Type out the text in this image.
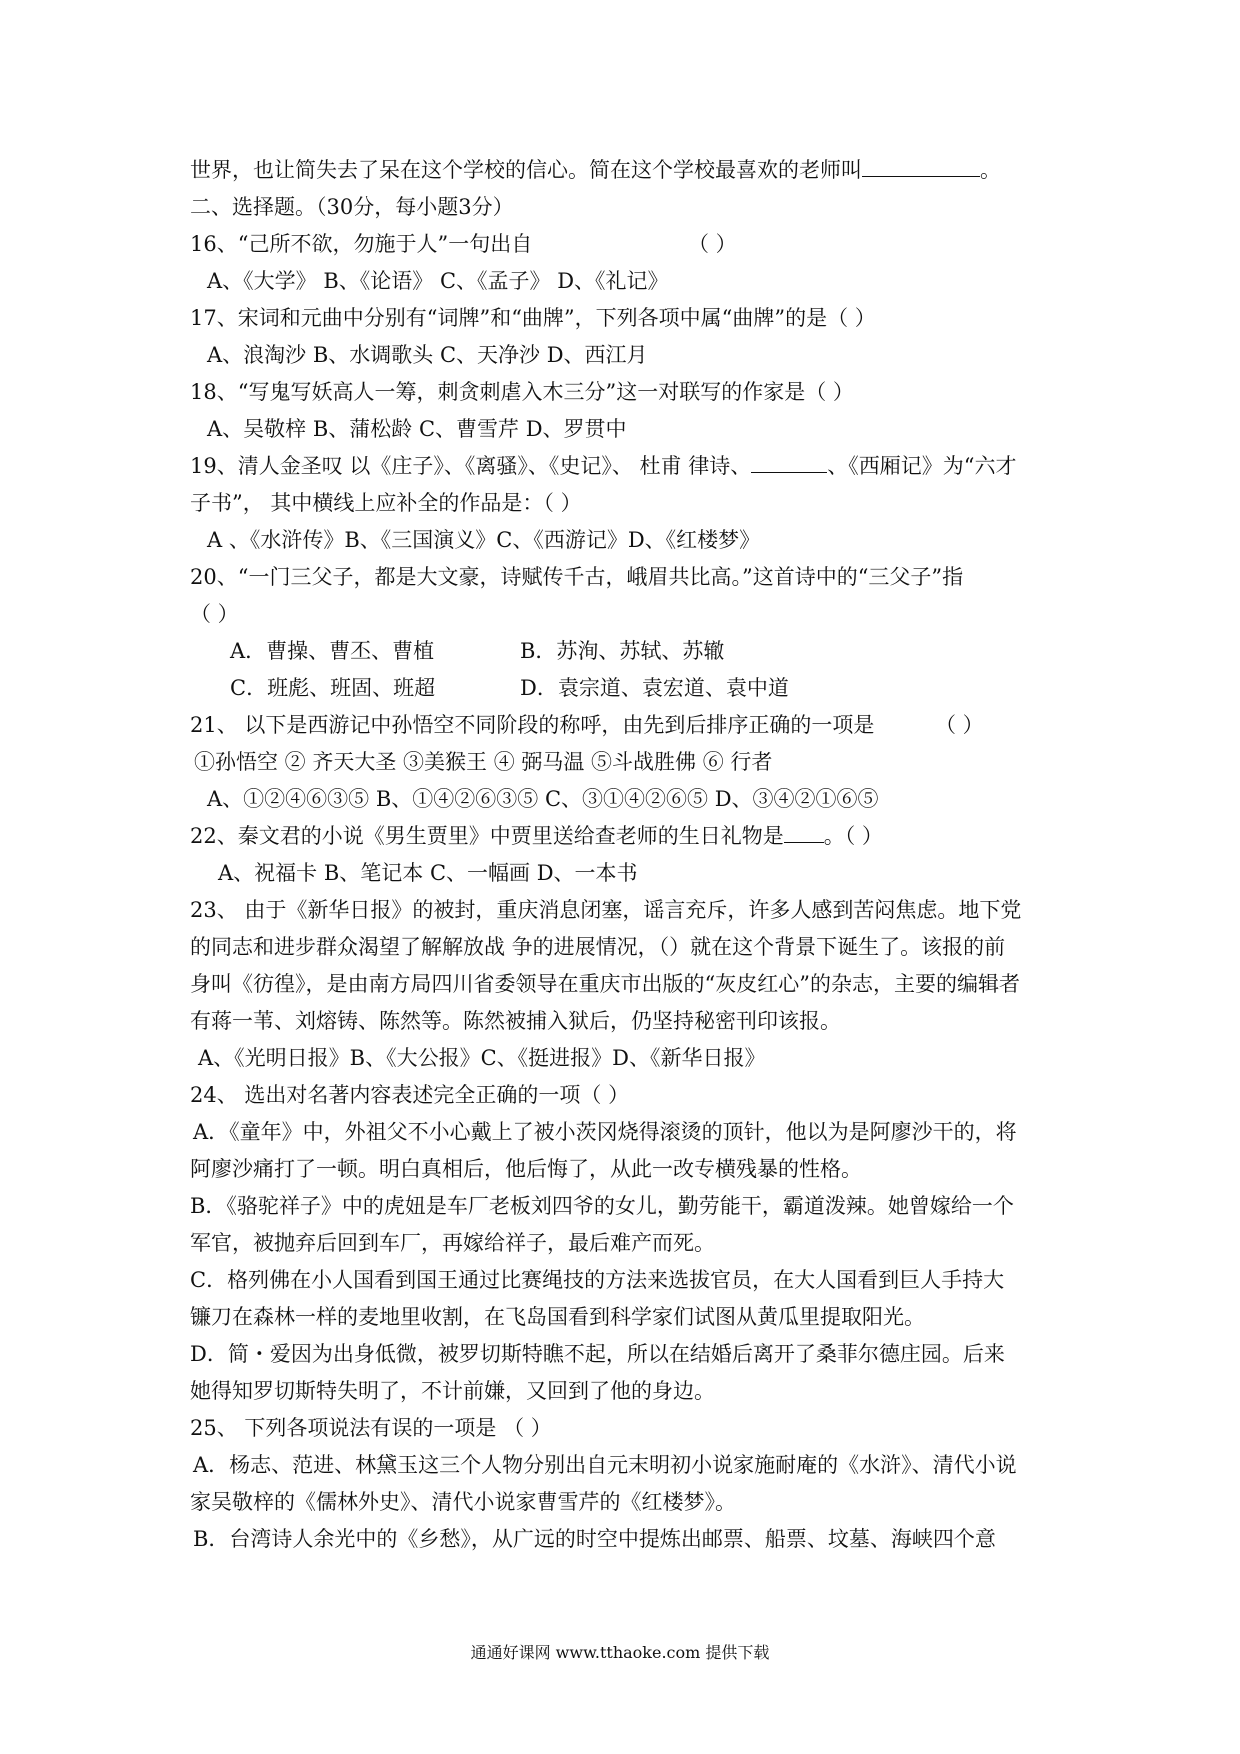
世界，也让简失去了呆在这个学校的信心。简在这个学校最喜欢的老师叫	。
二、选择题。（30分，每小题3分）
16、“己所不欲，勿施于人”一句出自	（ ）
A、《大学》 B、《论语》 C、《孟子》 D、《礼记》
17、宋词和元曲中分别有“词牌”和“曲牌”，下列各项中属“曲牌”的是（ ）
A、浪淘沙 B、水调歌头 C、天净沙 D、西江月
18、“写鬼写妖高人一筹，刺贪刺虐入木三分”这一对联写的作家是（ ）
A、吴敬梓 B、蒲松龄 C、曹雪芹 D、罗贯中
19、清人金圣叹 以《庄子》、《离骚》、《史记》、 杜甫 律诗、	、《西厢记》为“六才
子书”， 其中横线上应补全的作品是：（ ）
A 、《水浒传》B、《三国演义》C、《西游记》D、《红楼梦》
20、“一门三父子，都是大文豪，诗赋传千古，峨眉共比高。”这首诗中的“三父子”指
（ ）
A．曹操、曹丕、曹植	B．苏洵、苏轼、苏辙
C．班彪、班固、班超	D．袁宗道、袁宏道、袁中道
21、 以下是西游记中孙悟空不同阶段的称呼，由先到后排序正确的一项是	（ ）
①孙悟空 ② 齐天大圣 ③美猴王 ④ 弼马温 ⑤斗战胜佛 ⑥ 行者
A、①②④⑥③⑤ B、①④②⑥③⑤ C、③①④②⑥⑤ D、③④②①⑥⑤
22、秦文君的小说《男生贾里》中贾里送给查老师的生日礼物是 。（ ）
A、祝福卡 B、笔记本 C、一幅画 D、一本书
23、 由于《新华日报》的被封，重庆消息闭塞，谣言充斥，许多人感到苦闷焦虑。地下党
的同志和进步群众渴望了解解放战 争的进展情况，（）就在这个背景下诞生了。该报的前
身叫《彷徨》，是由南方局四川省委领导在重庆市出版的“灰皮红心”的杂志，主要的编辑者
有蒋一苇、刘熔铸、陈然等。陈然被捕入狱后，仍坚持秘密刊印该报。
A、《光明日报》B、《大公报》C、《挺进报》D、《新华日报》
24、 选出对名著内容表述完全正确的一项（ ）
A．《童年》中，外祖父不小心戴上了被小茨冈烧得滚烫的顶针，他以为是阿廖沙干的，将
阿廖沙痛打了一顿。明白真相后，他后悔了，从此一改专横残暴的性格。
B．《骆驼祥子》中的虎妞是车厂老板刘四爷的女儿，勤劳能干，霸道泼辣。她曾嫁给一个
军官，被抛弃后回到车厂，再嫁给祥子，最后难产而死。
C．格列佛在小人国看到国王通过比赛绳技的方法来选拔官员，在大人国看到巨人手持大
镰刀在森林一样的麦地里收割，在飞岛国看到科学家们试图从黄瓜里提取阳光。
D．简・爱因为出身低微，被罗切斯特瞧不起，所以在结婚后离开了桑菲尔德庄园。后来
她得知罗切斯特失明了，不计前嫌，又回到了他的身边。
25、 下列各项说法有误的一项是 （ ）
A．杨志、范进、林黛玉这三个人物分别出自元末明初小说家施耐庵的《水浒》、清代小说
家吴敬梓的《儒林外史》、清代小说家曹雪芹的《红楼梦》。
B．台湾诗人余光中的《乡愁》，从广远的时空中提炼出邮票、船票、坟墓、海峡四个意
通通好课网 www.tthaoke.com 提供下载
